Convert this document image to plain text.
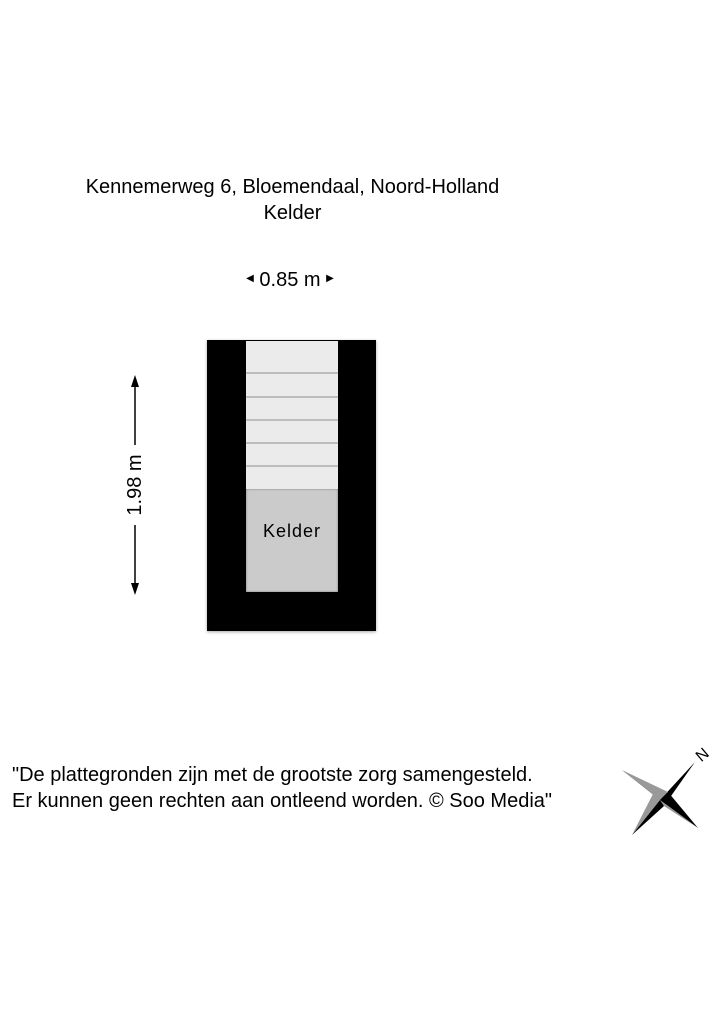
Kennemerweg 6, Bloemendaal, Noord-Holland
Kelder
◀ 0.85 m ▶
Kelder
1.98 m
"De plattegronden zijn met de grootste zorg samengesteld.
Er kunnen geen rechten aan ontleend worden. © Soo Media"
N
